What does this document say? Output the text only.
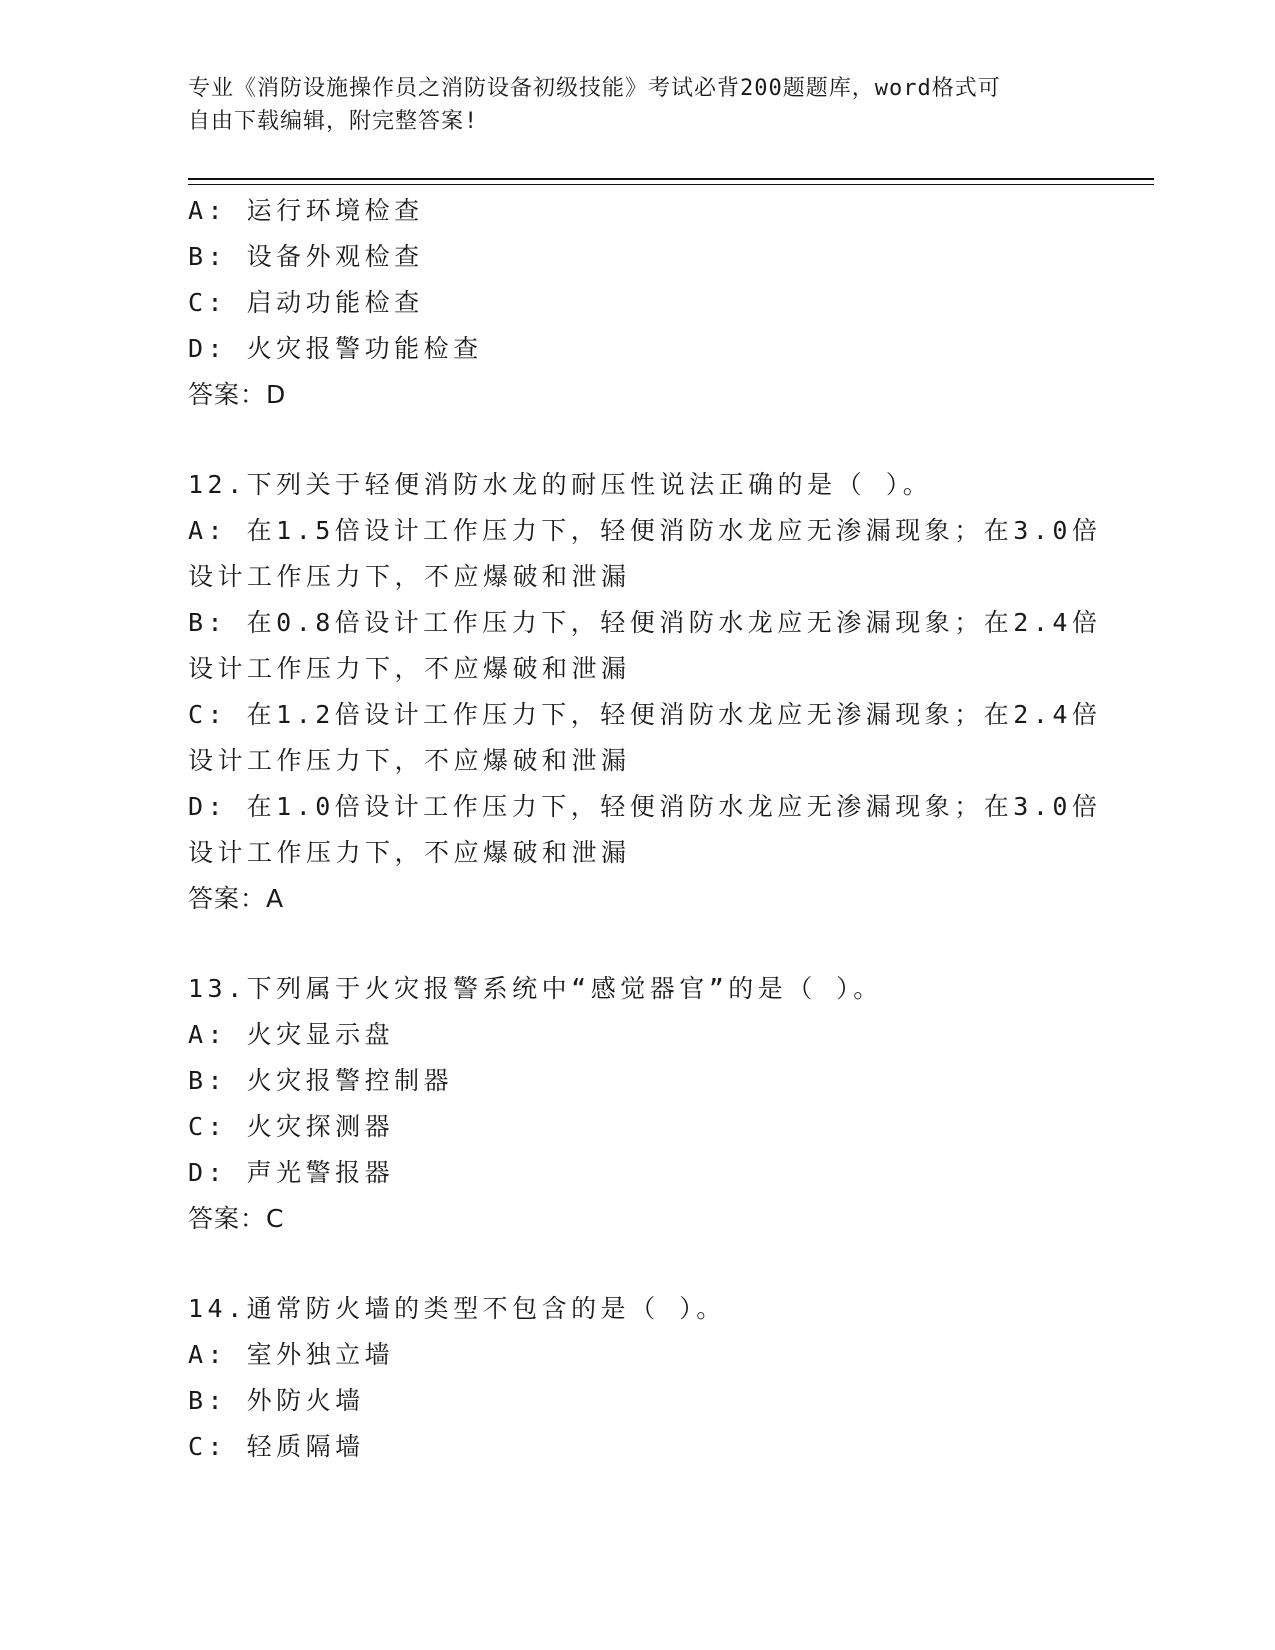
专业《消防设施操作员之消防设备初级技能》考试必背200题题库，word格式可
自由下载编辑，附完整答案!
A: 运行环境检查
B: 设备外观检查
C: 启动功能检查
D: 火灾报警功能检查
答案：D
12.下列关于轻便消防水龙的耐压性说法正确的是（ ）。
A: 在1.5倍设计工作压力下，轻便消防水龙应无渗漏现象；在3.0倍
设计工作压力下，不应爆破和泄漏
B: 在0.8倍设计工作压力下，轻便消防水龙应无渗漏现象；在2.4倍
设计工作压力下，不应爆破和泄漏
C: 在1.2倍设计工作压力下，轻便消防水龙应无渗漏现象；在2.4倍
设计工作压力下，不应爆破和泄漏
D: 在1.0倍设计工作压力下，轻便消防水龙应无渗漏现象；在3.0倍
设计工作压力下，不应爆破和泄漏
答案：A
13.下列属于火灾报警系统中“感觉器官”的是（ ）。
A: 火灾显示盘
B: 火灾报警控制器
C: 火灾探测器
D: 声光警报器
答案：C
14.通常防火墙的类型不包含的是（ ）。
A: 室外独立墙
B: 外防火墙
C: 轻质隔墙
